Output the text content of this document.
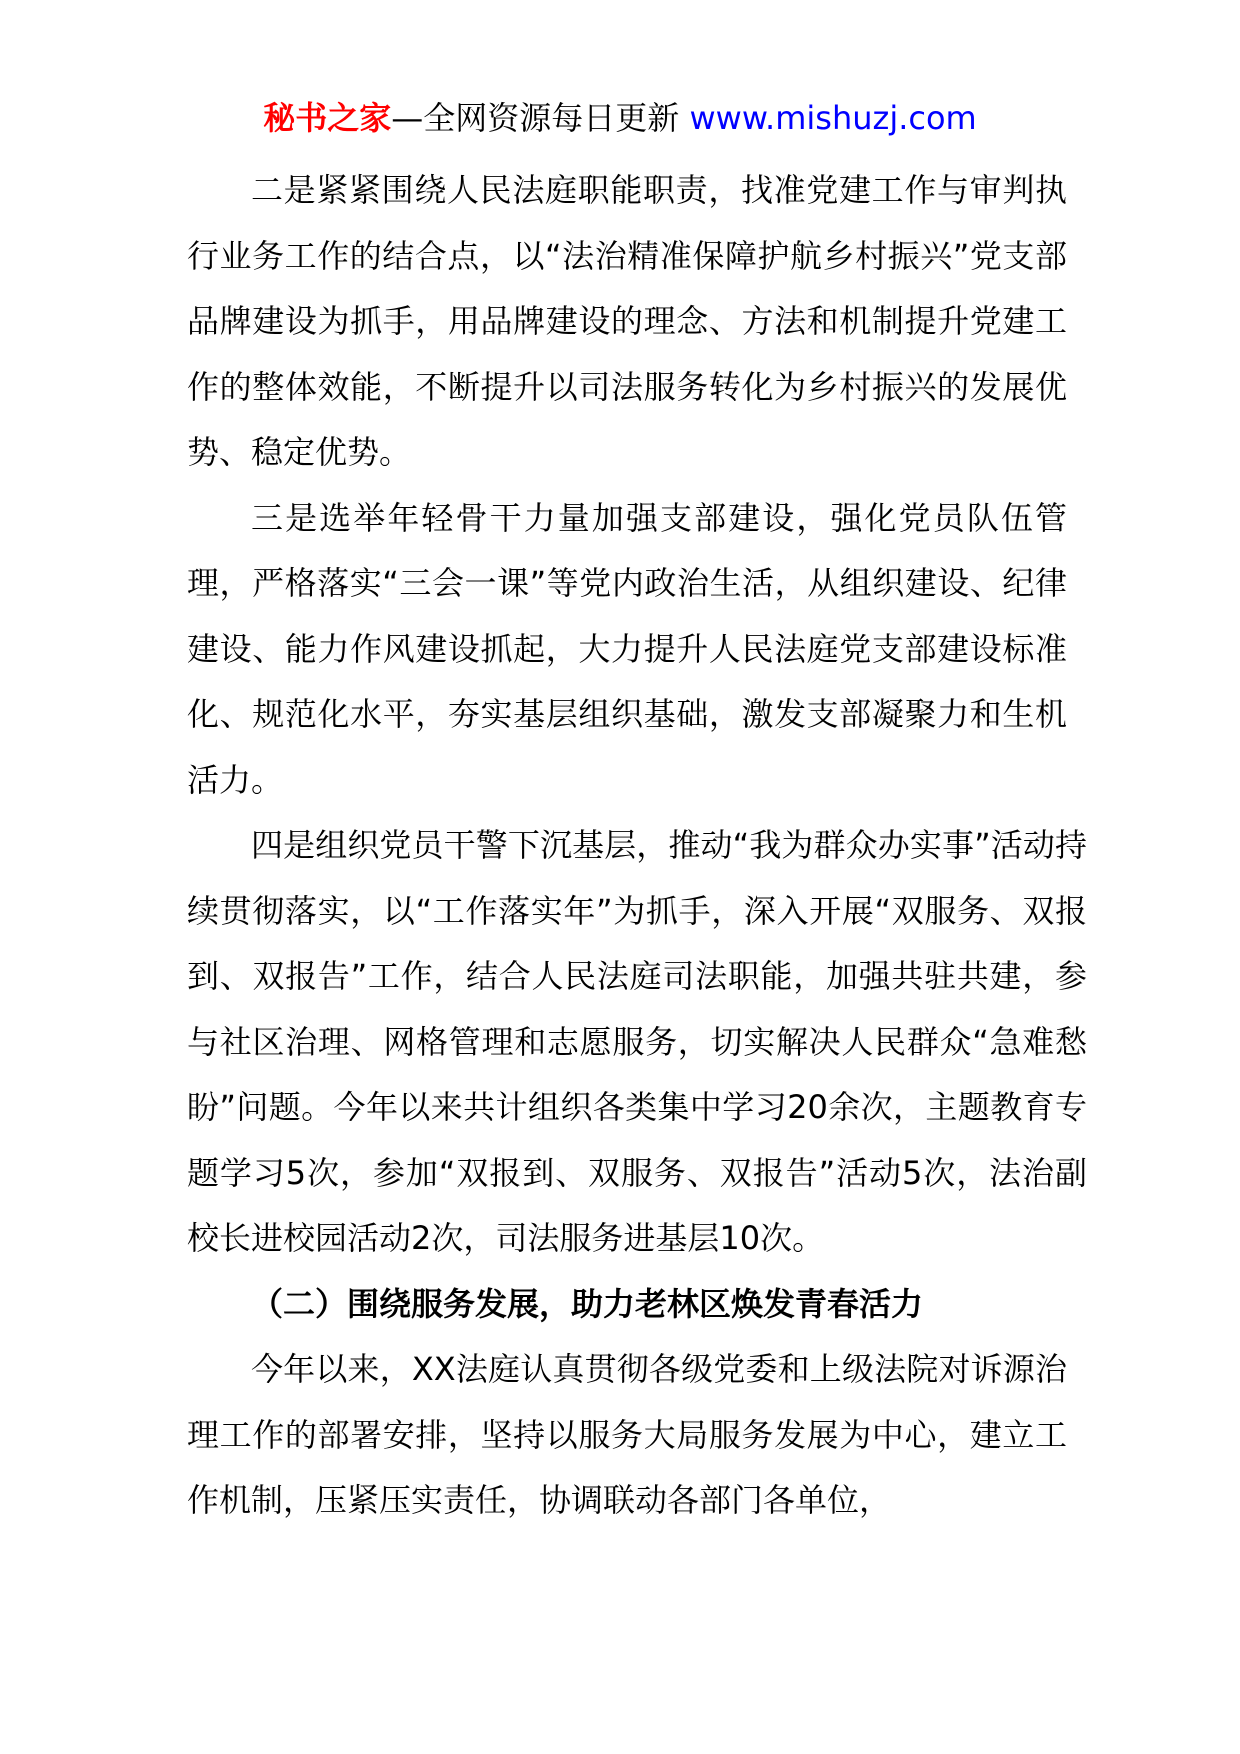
秘书之家—全网资源每日更新 www.mishuzj.com

二是紧紧围绕人民法庭职能职责，找准党建工作与审判执行业务工作的结合点，以“法治精准保障护航乡村振兴”党支部品牌建设为抓手，用品牌建设的理念、方法和机制提升党建工作的整体效能，不断提升以司法服务转化为乡村振兴的发展优势、稳定优势。

三是选举年轻骨干力量加强支部建设，强化党员队伍管理，严格落实“三会一课”等党内政治生活，从组织建设、纪律建设、能力作风建设抓起，大力提升人民法庭党支部建设标准化、规范化水平，夯实基层组织基础，激发支部凝聚力和生机活力。

四是组织党员干警下沉基层，推动“我为群众办实事”活动持续贯彻落实，以“工作落实年”为抓手，深入开展“双服务、双报到、双报告”工作，结合人民法庭司法职能，加强共驻共建，参与社区治理、网格管理和志愿服务，切实解决人民群众“急难愁盼”问题。今年以来共计组织各类集中学习20余次，主题教育专题学习5次，参加“双报到、双服务、双报告”活动5次，法治副校长进校园活动2次，司法服务进基层10次。

（二）围绕服务发展，助力老林区焕发青春活力

今年以来，XX法庭认真贯彻各级党委和上级法院对诉源治理工作的部署安排，坚持以服务大局服务发展为中心，建立工作机制，压紧压实责任，协调联动各部门各单位，
